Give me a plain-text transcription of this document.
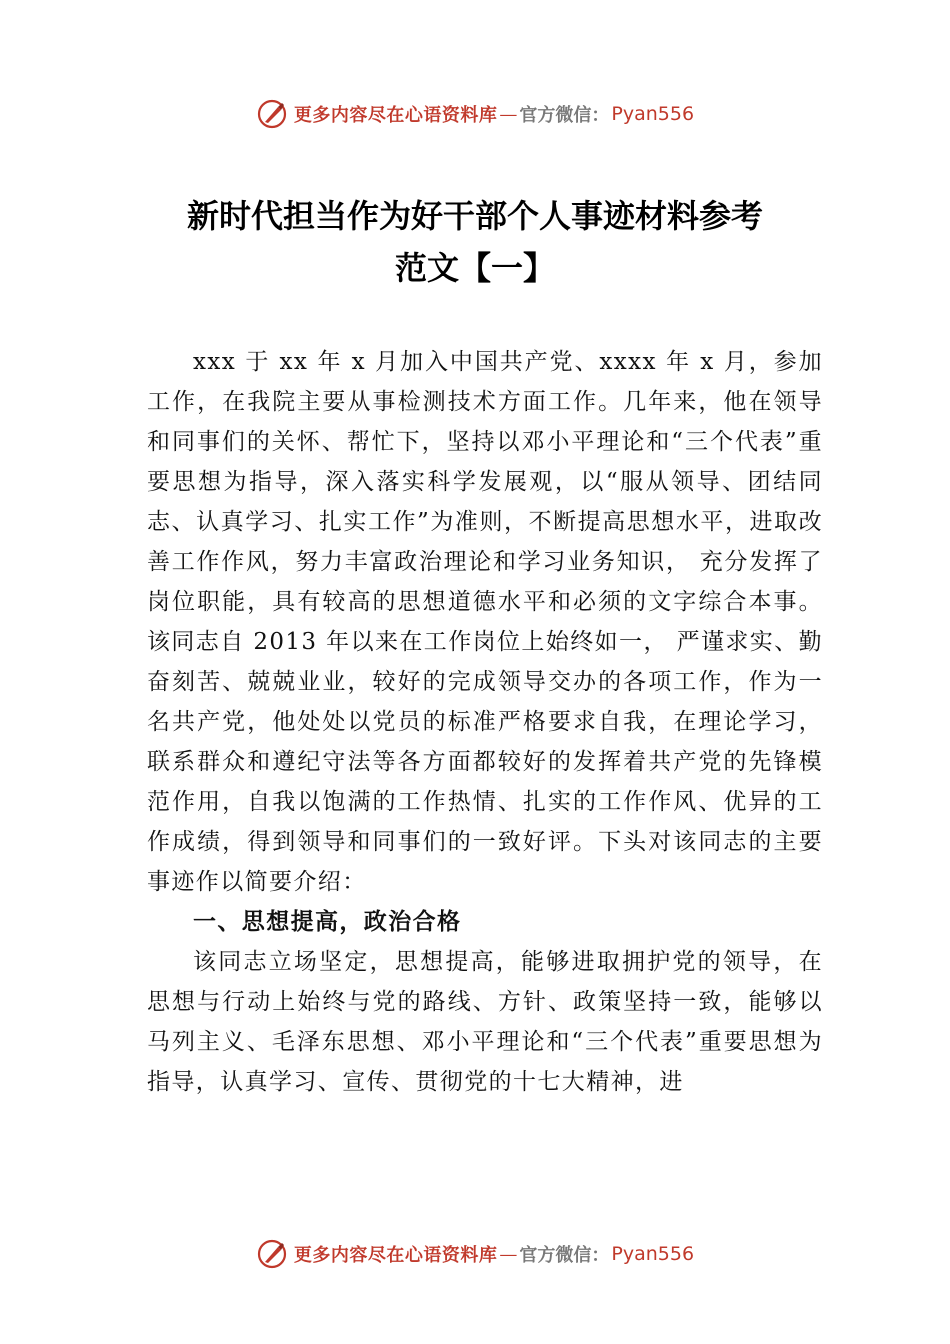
更多内容尽在心语资料库 — 官方微信： Pyan556
新时代担当作为好干部个人事迹材料参考
范文【一】

xxx 于 xx 年 x 月加入中国共产党、xxxx 年 x 月，参加工作，在我院主要从事检测技术方面工作。几年来，他在领导和同事们的关怀、帮忙下，坚持以邓小平理论和“三个代表”重要思想为指导，深入落实科学发展观，以“服从领导、团结同志、认真学习、扎实工作”为准则，不断提高思想水平，进取改善工作作风，努力丰富政治理论和学习业务知识， 充分发挥了岗位职能，具有较高的思想道德水平和必须的文字综合本事。该同志自 2013 年以来在工作岗位上始终如一， 严谨求实、勤奋刻苦、兢兢业业，较好的完成领导交办的各项工作，作为一名共产党，他处处以党员的标准严格要求自我，在理论学习，联系群众和遵纪守法等各方面都较好的发挥着共产党的先锋模范作用，自我以饱满的工作热情、扎实的工作作风、优异的工作成绩，得到领导和同事们的一致好评。下头对该同志的主要事迹作以简要介绍：

一、思想提高，政治合格

该同志立场坚定，思想提高，能够进取拥护党的领导，在思想与行动上始终与党的路线、方针、政策坚持一致，能够以马列主义、毛泽东思想、邓小平理论和“三个代表”重要思想为指导，认真学习、宣传、贯彻党的十七大精神，进

更多内容尽在心语资料库 — 官方微信： Pyan556
